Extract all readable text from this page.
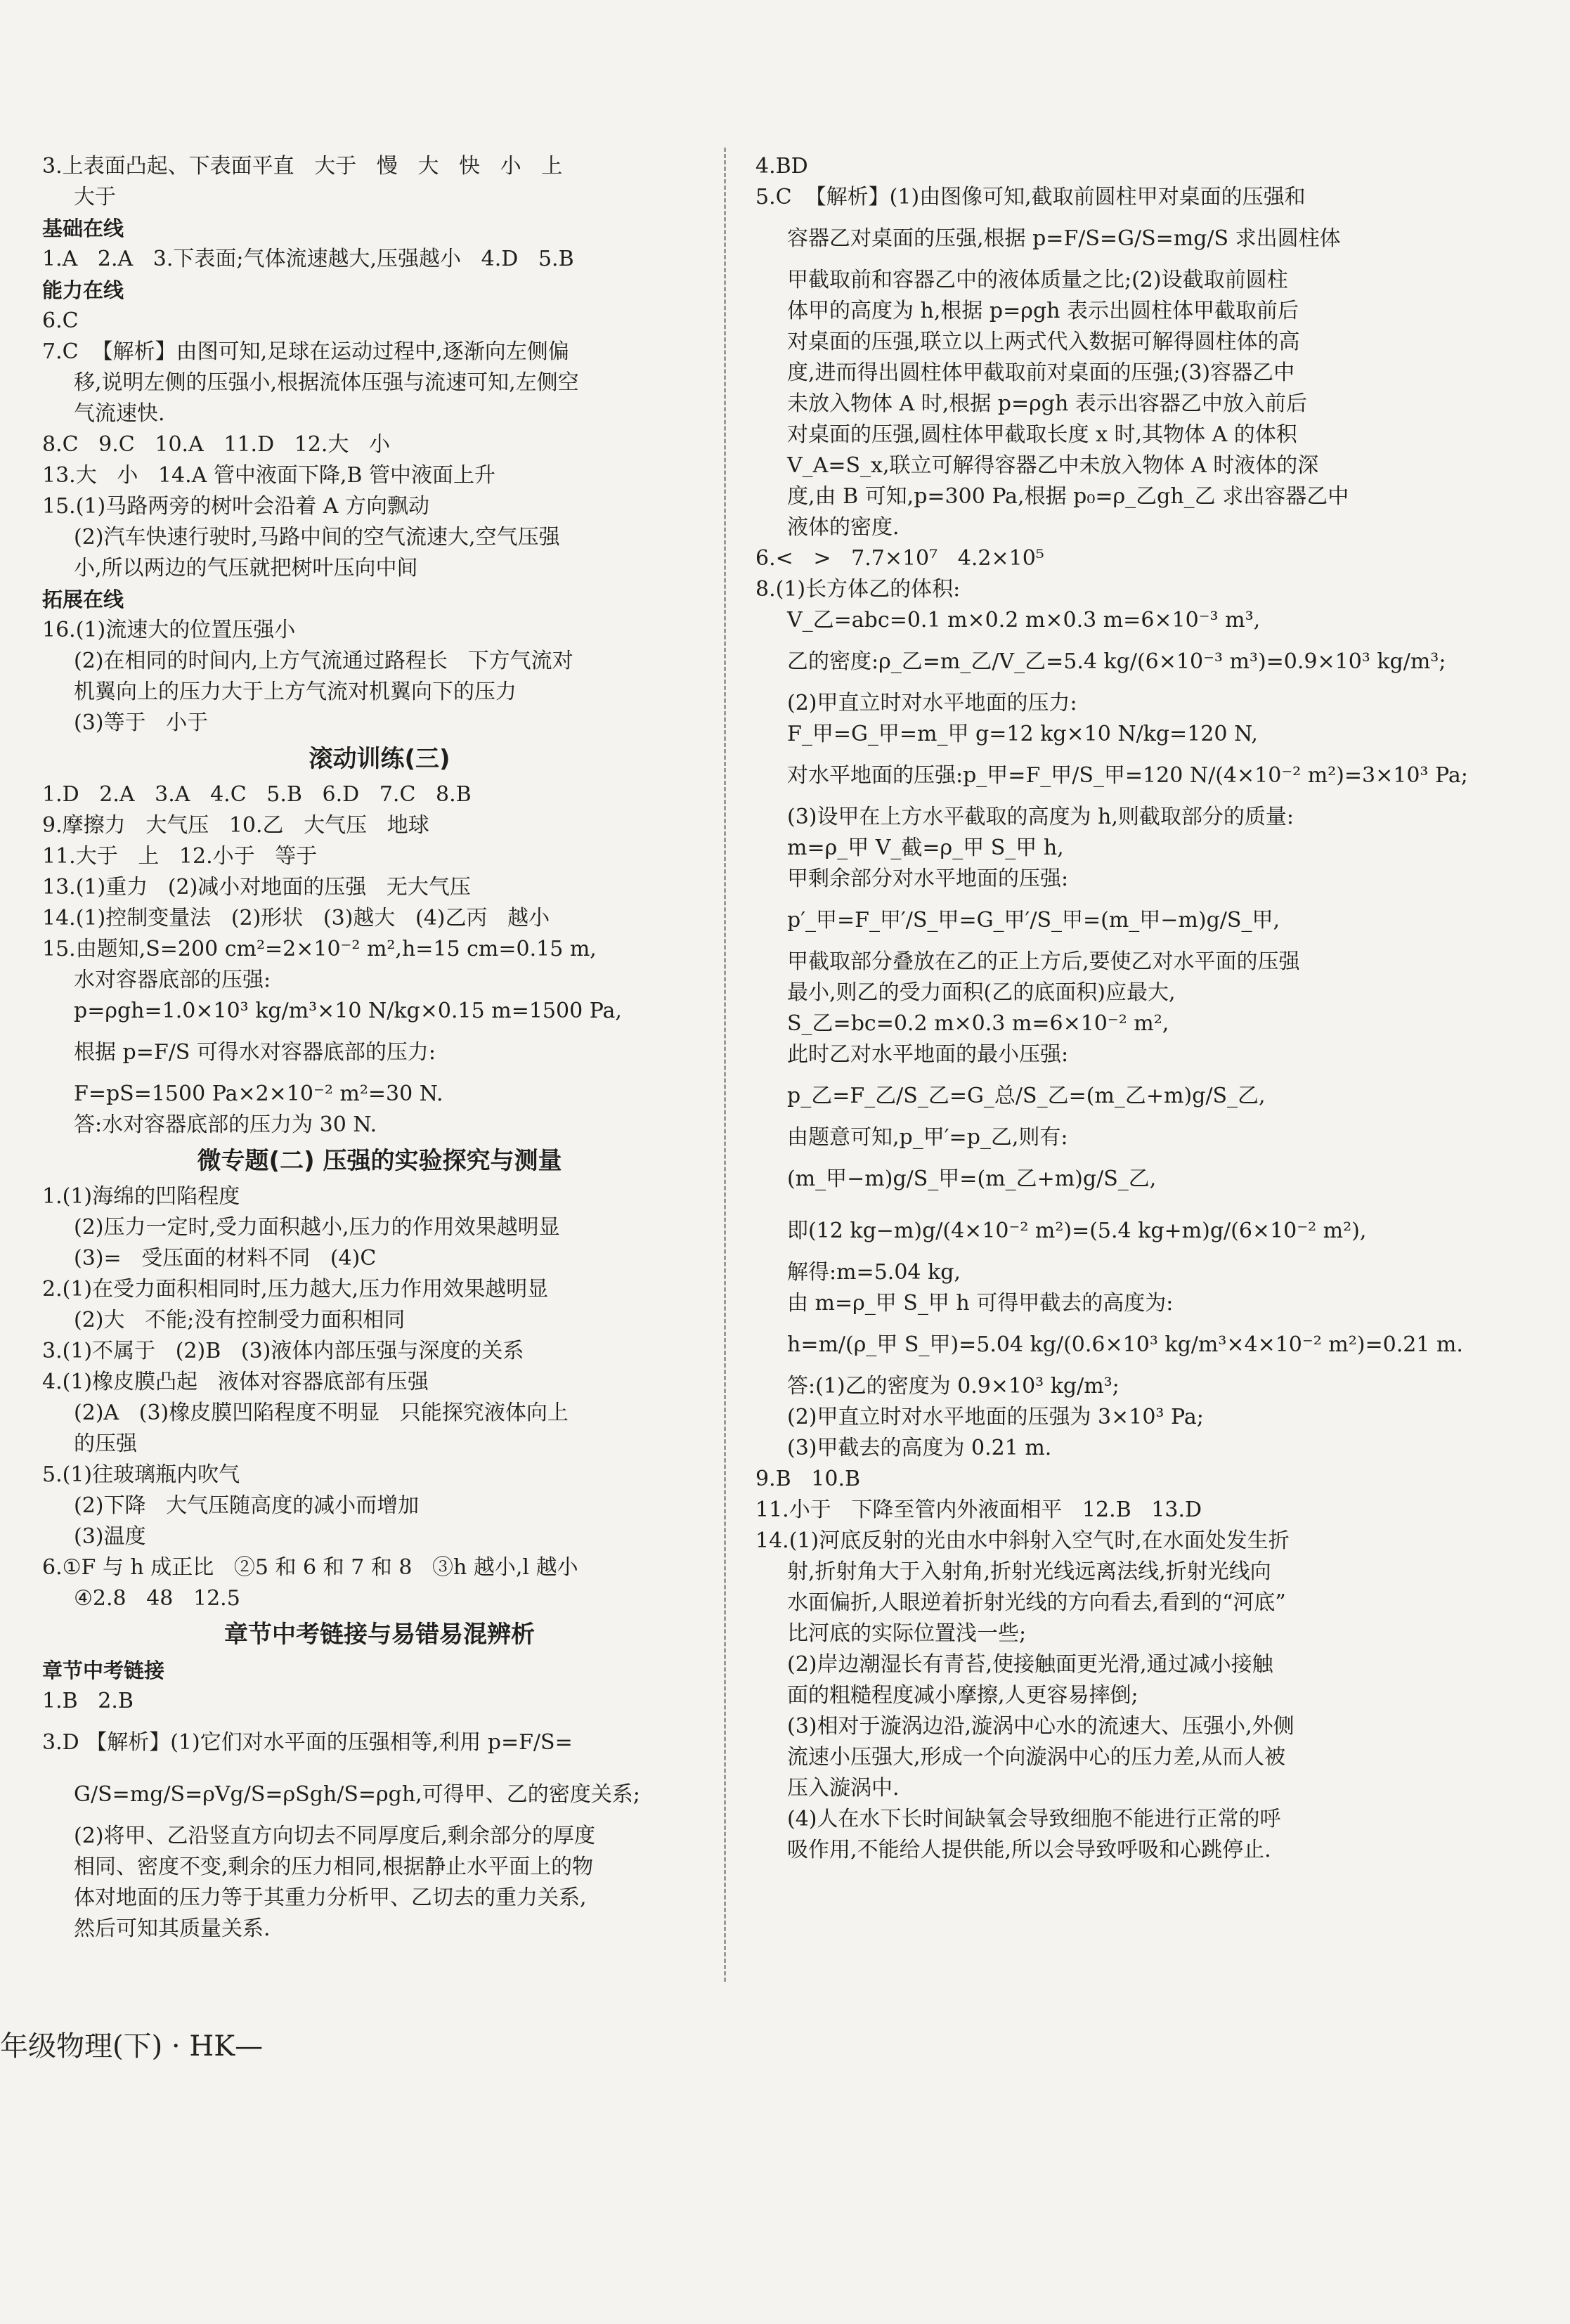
3.上表面凸起、下表面平直   大于   慢   大   快   小   上
大于
基础在线
1.A   2.A   3.下表面;气体流速越大,压强越小   4.D   5.B
能力在线
6.C
7.C  【解析】由图可知,足球在运动过程中,逐渐向左侧偏
移,说明左侧的压强小,根据流体压强与流速可知,左侧空
气流速快.
8.C   9.C   10.A   11.D   12.大   小
13.大   小   14.A 管中液面下降,B 管中液面上升
15.(1)马路两旁的树叶会沿着 A 方向飘动
(2)汽车快速行驶时,马路中间的空气流速大,空气压强
小,所以两边的气压就把树叶压向中间
拓展在线
16.(1)流速大的位置压强小
(2)在相同的时间内,上方气流通过路程长   下方气流对
机翼向上的压力大于上方气流对机翼向下的压力
(3)等于   小于
滚动训练(三)
1.D   2.A   3.A   4.C   5.B   6.D   7.C   8.B
9.摩擦力   大气压   10.乙   大气压   地球
11.大于   上   12.小于   等于
13.(1)重力   (2)减小对地面的压强   无大气压
14.(1)控制变量法   (2)形状   (3)越大   (4)乙丙   越小
15.由题知,S=200 cm²=2×10⁻² m²,h=15 cm=0.15 m,
水对容器底部的压强:
p=ρgh=1.0×10³ kg/m³×10 N/kg×0.15 m=1500 Pa,
根据 p=F/S 可得水对容器底部的压力:
F=pS=1500 Pa×2×10⁻² m²=30 N.
答:水对容器底部的压力为 30 N.
微专题(二) 压强的实验探究与测量
1.(1)海绵的凹陷程度
(2)压力一定时,受力面积越小,压力的作用效果越明显
(3)=   受压面的材料不同   (4)C
2.(1)在受力面积相同时,压力越大,压力作用效果越明显
(2)大   不能;没有控制受力面积相同
3.(1)不属于   (2)B   (3)液体内部压强与深度的关系
4.(1)橡皮膜凸起   液体对容器底部有压强
(2)A   (3)橡皮膜凹陷程度不明显   只能探究液体向上
的压强
5.(1)往玻璃瓶内吹气
(2)下降   大气压随高度的减小而增加
(3)温度
6.①F 与 h 成正比   ②5 和 6 和 7 和 8   ③h 越小,l 越小
④2.8   48   12.5
章节中考链接与易错易混辨析
章节中考链接
1.B   2.B
3.D 【解析】(1)它们对水平面的压强相等,利用 p=F/S=
G/S=mg/S=ρVg/S=ρSgh/S=ρgh,可得甲、乙的密度关系;
(2)将甲、乙沿竖直方向切去不同厚度后,剩余部分的厚度
相同、密度不变,剩余的压力相同,根据静止水平面上的物
体对地面的压力等于其重力分析甲、乙切去的重力关系,
然后可知其质量关系.
4.BD
5.C  【解析】(1)由图像可知,截取前圆柱甲对桌面的压强和
容器乙对桌面的压强,根据 p=F/S=G/S=mg/S 求出圆柱体
甲截取前和容器乙中的液体质量之比;(2)设截取前圆柱
体甲的高度为 h,根据 p=ρgh 表示出圆柱体甲截取前后
对桌面的压强,联立以上两式代入数据可解得圆柱体的高
度,进而得出圆柱体甲截取前对桌面的压强;(3)容器乙中
未放入物体 A 时,根据 p=ρgh 表示出容器乙中放入前后
对桌面的压强,圆柱体甲截取长度 x 时,其物体 A 的体积
V_A=S_x,联立可解得容器乙中未放入物体 A 时液体的深
度,由 B 可知,p=300 Pa,根据 p₀=ρ_乙gh_乙 求出容器乙中
液体的密度.
6.<   >   7.7×10⁷   4.2×10⁵
8.(1)长方体乙的体积:
V_乙=abc=0.1 m×0.2 m×0.3 m=6×10⁻³ m³,
乙的密度:ρ_乙=m_乙/V_乙=5.4 kg/(6×10⁻³ m³)=0.9×10³ kg/m³;
(2)甲直立时对水平地面的压力:
F_甲=G_甲=m_甲 g=12 kg×10 N/kg=120 N,
对水平地面的压强:p_甲=F_甲/S_甲=120 N/(4×10⁻² m²)=3×10³ Pa;
(3)设甲在上方水平截取的高度为 h,则截取部分的质量:
m=ρ_甲 V_截=ρ_甲 S_甲 h,
甲剩余部分对水平地面的压强:
p′_甲=F_甲′/S_甲=G_甲′/S_甲=(m_甲−m)g/S_甲,
甲截取部分叠放在乙的正上方后,要使乙对水平面的压强
最小,则乙的受力面积(乙的底面积)应最大,
S_乙=bc=0.2 m×0.3 m=6×10⁻² m²,
此时乙对水平地面的最小压强:
p_乙=F_乙/S_乙=G_总/S_乙=(m_乙+m)g/S_乙,
由题意可知,p_甲′=p_乙,则有:
(m_甲−m)g/S_甲=(m_乙+m)g/S_乙,
即(12 kg−m)g/(4×10⁻² m²)=(5.4 kg+m)g/(6×10⁻² m²),
解得:m=5.04 kg,
由 m=ρ_甲 S_甲 h 可得甲截去的高度为:
h=m/(ρ_甲 S_甲)=5.04 kg/(0.6×10³ kg/m³×4×10⁻² m²)=0.21 m.
答:(1)乙的密度为 0.9×10³ kg/m³;
(2)甲直立时对水平地面的压强为 3×10³ Pa;
(3)甲截去的高度为 0.21 m.
9.B   10.B
11.小于   下降至管内外液面相平   12.B   13.D
14.(1)河底反射的光由水中斜射入空气时,在水面处发生折
射,折射角大于入射角,折射光线远离法线,折射光线向
水面偏折,人眼逆着折射光线的方向看去,看到的“河底”
比河底的实际位置浅一些;
(2)岸边潮湿长有青苔,使接触面更光滑,通过减小接触
面的粗糙程度减小摩擦,人更容易摔倒;
(3)相对于漩涡边沿,漩涡中心水的流速大、压强小,外侧
流速小压强大,形成一个向漩涡中心的压力差,从而人被
压入漩涡中.
(4)人在水下长时间缺氧会导致细胞不能进行正常的呼
吸作用,不能给人提供能,所以会导致呼吸和心跳停止.
年级物理(下) · HK—
